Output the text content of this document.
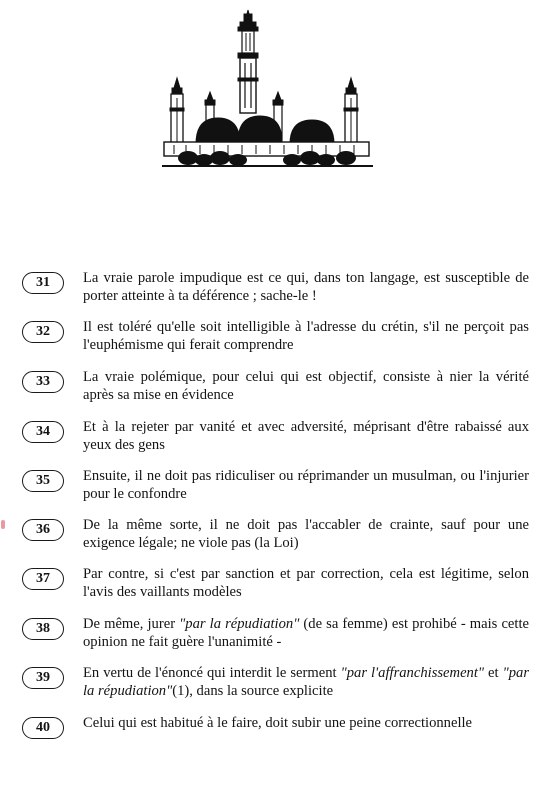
31	La vraie parole impudique est ce qui, dans ton langage, est susceptible de porter atteinte à ta déférence ; sache-le !
32	Il est toléré qu'elle soit intelligible à l'adresse du crétin, s'il ne perçoit pas l'euphémisme qui ferait comprendre
33	La vraie polémique, pour celui qui est objectif, consiste à nier la vérité après sa mise en évidence
34	Et à la rejeter par vanité et avec adversité, méprisant d'être rabaissé aux yeux des gens
35	Ensuite, il ne doit pas ridiculiser ou réprimander un musulman, ou l'injurier pour le confondre
36	De la même sorte, il ne doit pas l'accabler de crainte, sauf pour une exigence légale; ne viole pas (la Loi)
37	Par contre, si c'est par sanction et par correction, cela est légitime, selon l'avis des vaillants modèles
38	De même, jurer "par la répudiation" (de sa femme) est prohibé - mais cette opinion ne fait guère l'unanimité -
39	En vertu de l'énoncé qui interdit le serment "par l'affranchissement" et "par la répudiation"(1), dans la source explicite
40	Celui qui est habitué à le faire, doit subir une peine correctionnelle
